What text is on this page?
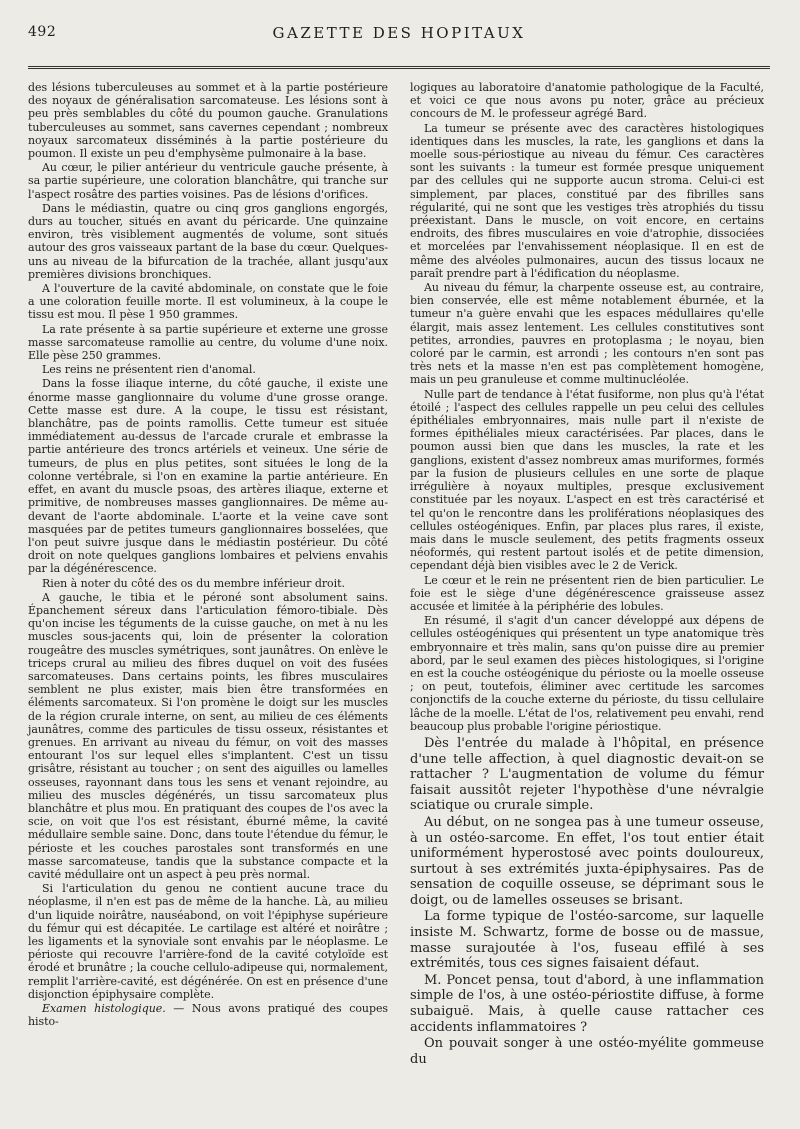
492	GAZETTE DES HOPITAUX

des lésions tuberculeuses au sommet et à la partie postérieure des noyaux de généralisation sarcomateuse. Les lésions sont à peu près semblables du côté du poumon gauche. Granulations tuberculeuses au sommet, sans cavernes cependant ; nombreux noyaux sarcomateux disséminés à la partie postérieure du poumon. Il existe un peu d'emphysème pulmonaire à la base.

Au cœur, le pilier antérieur du ventricule gauche présente, à sa partie supérieure, une coloration blanchâtre, qui tranche sur l'aspect rosâtre des parties voisines. Pas de lésions d'orifices.

Dans le médiastin, quatre ou cinq gros ganglions engorgés, durs au toucher, situés en avant du péricarde. Une quinzaine environ, très visiblement augmentés de volume, sont situés autour des gros vaisseaux partant de la base du cœur. Quelques-uns au niveau de la bifurcation de la trachée, allant jusqu'aux premières divisions bronchiques.

A l'ouverture de la cavité abdominale, on constate que le foie a une coloration feuille morte. Il est volumineux, à la coupe le tissu est mou. Il pèse 1 950 grammes.

La rate présente à sa partie supérieure et externe une grosse masse sarcomateuse ramollie au centre, du volume d'une noix. Elle pèse 250 grammes.

Les reins ne présentent rien d'anomal.

Dans la fosse iliaque interne, du côté gauche, il existe une énorme masse ganglionnaire du volume d'une grosse orange. Cette masse est dure. A la coupe, le tissu est résistant, blanchâtre, pas de points ramollis. Cette tumeur est située immédiatement au-dessus de l'arcade crurale et embrasse la partie antérieure des troncs artériels et veineux. Une série de tumeurs, de plus en plus petites, sont situées le long de la colonne vertébrale, si l'on en examine la partie antérieure. En effet, en avant du muscle psoas, des artères iliaque, externe et primitive, de nombreuses masses ganglionnaires. De même au-devant de l'aorte abdominale. L'aorte et la veine cave sont masquées par de petites tumeurs ganglionnaires bosselées, que l'on peut suivre jusque dans le médiastin postérieur. Du côté droit on note quelques ganglions lombaires et pelviens envahis par la dégénérescence.

Rien à noter du côté des os du membre inférieur droit.

A gauche, le tibia et le péroné sont absolument sains. Épanchement séreux dans l'articulation fémoro-tibiale. Dès qu'on incise les téguments de la cuisse gauche, on met à nu les muscles sous-jacents qui, loin de présenter la coloration rougeâtre des muscles symétriques, sont jaunâtres. On enlève le triceps crural au milieu des fibres duquel on voit des fusées sarcomateuses. Dans certains points, les fibres musculaires semblent ne plus exister, mais bien être transformées en éléments sarcomateux. Si l'on promène le doigt sur les muscles de la région crurale interne, on sent, au milieu de ces éléments jaunâtres, comme des particules de tissu osseux, résistantes et grenues. En arrivant au niveau du fémur, on voit des masses entourant l'os sur lequel elles s'implantent. C'est un tissu grisâtre, résistant au toucher ; on sent des aiguilles ou lamelles osseuses, rayonnant dans tous les sens et venant rejoindre, au milieu des muscles dégénérés, un tissu sarcomateux plus blanchâtre et plus mou. En pratiquant des coupes de l'os avec la scie, on voit que l'os est résistant, éburné même, la cavité médullaire semble saine. Donc, dans toute l'étendue du fémur, le périoste et les couches parostales sont transformés en une masse sarcomateuse, tandis que la substance compacte et la cavité médullaire ont un aspect à peu près normal.

Si l'articulation du genou ne contient aucune trace du néoplasme, il n'en est pas de même de la hanche. Là, au milieu d'un liquide noirâtre, nauséabond, on voit l'épiphyse supérieure du fémur qui est décapitée. Le cartilage est altéré et noirâtre ; les ligaments et la synoviale sont envahis par le néoplasme. Le périoste qui recouvre l'arrière-fond de la cavité cotyloïde est érodé et brunâtre ; la couche cellulo-adipeuse qui, normalement, remplit l'arrière-cavité, est dégénérée. On est en présence d'une disjonction épiphysaire complète.

Examen histologique. — Nous avons pratiqué des coupes histo-

logiques au laboratoire d'anatomie pathologique de la Faculté, et voici ce que nous avons pu noter, grâce au précieux concours de M. le professeur agrégé Bard.

La tumeur se présente avec des caractères histologiques identiques dans les muscles, la rate, les ganglions et dans la moelle sous-périostique au niveau du fémur. Ces caractères sont les suivants : la tumeur est formée presque uniquement par des cellules qui ne supporte aucun stroma. Celui-ci est simplement, par places, constitué par des fibrilles sans régularité, qui ne sont que les vestiges très atrophiés du tissu préexistant. Dans le muscle, on voit encore, en certains endroits, des fibres musculaires en voie d'atrophie, dissociées et morcelées par l'envahissement néoplasique. Il en est de même des alvéoles pulmonaires, aucun des tissus locaux ne paraît prendre part à l'édification du néoplasme.

Au niveau du fémur, la charpente osseuse est, au contraire, bien conservée, elle est même notablement éburnée, et la tumeur n'a guère envahi que les espaces médullaires qu'elle élargit, mais assez lentement. Les cellules constitutives sont petites, arrondies, pauvres en protoplasma ; le noyau, bien coloré par le carmin, est arrondi ; les contours n'en sont pas très nets et la masse n'en est pas complètement homogène, mais un peu granuleuse et comme multinucléolée.

Nulle part de tendance à l'état fusiforme, non plus qu'à l'état étoilé ; l'aspect des cellules rappelle un peu celui des cellules épithéliales embryonnaires, mais nulle part il n'existe de formes épithéliales mieux caractérisées. Par places, dans le poumon aussi bien que dans les muscles, la rate et les ganglions, existent d'assez nombreux amas muriformes, formés par la fusion de plusieurs cellules en une sorte de plaque irrégulière à noyaux multiples, presque exclusivement constituée par les noyaux. L'aspect en est très caractérisé et tel qu'on le rencontre dans les proliférations néoplasiques des cellules ostéogéniques. Enfin, par places plus rares, il existe, mais dans le muscle seulement, des petits fragments osseux néoformés, qui restent partout isolés et de petite dimension, cependant déjà bien visibles avec le 2 de Verick.

Le cœur et le rein ne présentent rien de bien particulier. Le foie est le siège d'une dégénérescence graisseuse assez accusée et limitée à la périphérie des lobules.

En résumé, il s'agit d'un cancer développé aux dépens de cellules ostéogéniques qui présentent un type anatomique très embryonnaire et très malin, sans qu'on puisse dire au premier abord, par le seul examen des pièces histologiques, si l'origine en est la couche ostéogénique du périoste ou la moelle osseuse ; on peut, toutefois, éliminer avec certitude les sarcomes conjonctifs de la couche externe du périoste, du tissu cellulaire lâche de la moelle. L'état de l'os, relativement peu envahi, rend beaucoup plus probable l'origine périostique.

Dès l'entrée du malade à l'hôpital, en présence d'une telle affection, à quel diagnostic devait-on se rattacher ? L'augmentation de volume du fémur faisait aussitôt rejeter l'hypothèse d'une névralgie sciatique ou crurale simple.

Au début, on ne songea pas à une tumeur osseuse, à un ostéo-sarcome. En effet, l'os tout entier était uniformément hyperostosé avec points douloureux, surtout à ses extrémités juxta-épiphysaires. Pas de sensation de coquille osseuse, se déprimant sous le doigt, ou de lamelles osseuses se brisant.

La forme typique de l'ostéo-sarcome, sur laquelle insiste M. Schwartz, forme de bosse ou de massue, masse surajoutée à l'os, fuseau effilé à ses extrémités, tous ces signes faisaient défaut.

M. Poncet pensa, tout d'abord, à une inflammation simple de l'os, à une ostéo-périostite diffuse, à forme subaiguë. Mais, à quelle cause rattacher ces accidents inflammatoires ?

On pouvait songer à une ostéo-myélite gommeuse du
